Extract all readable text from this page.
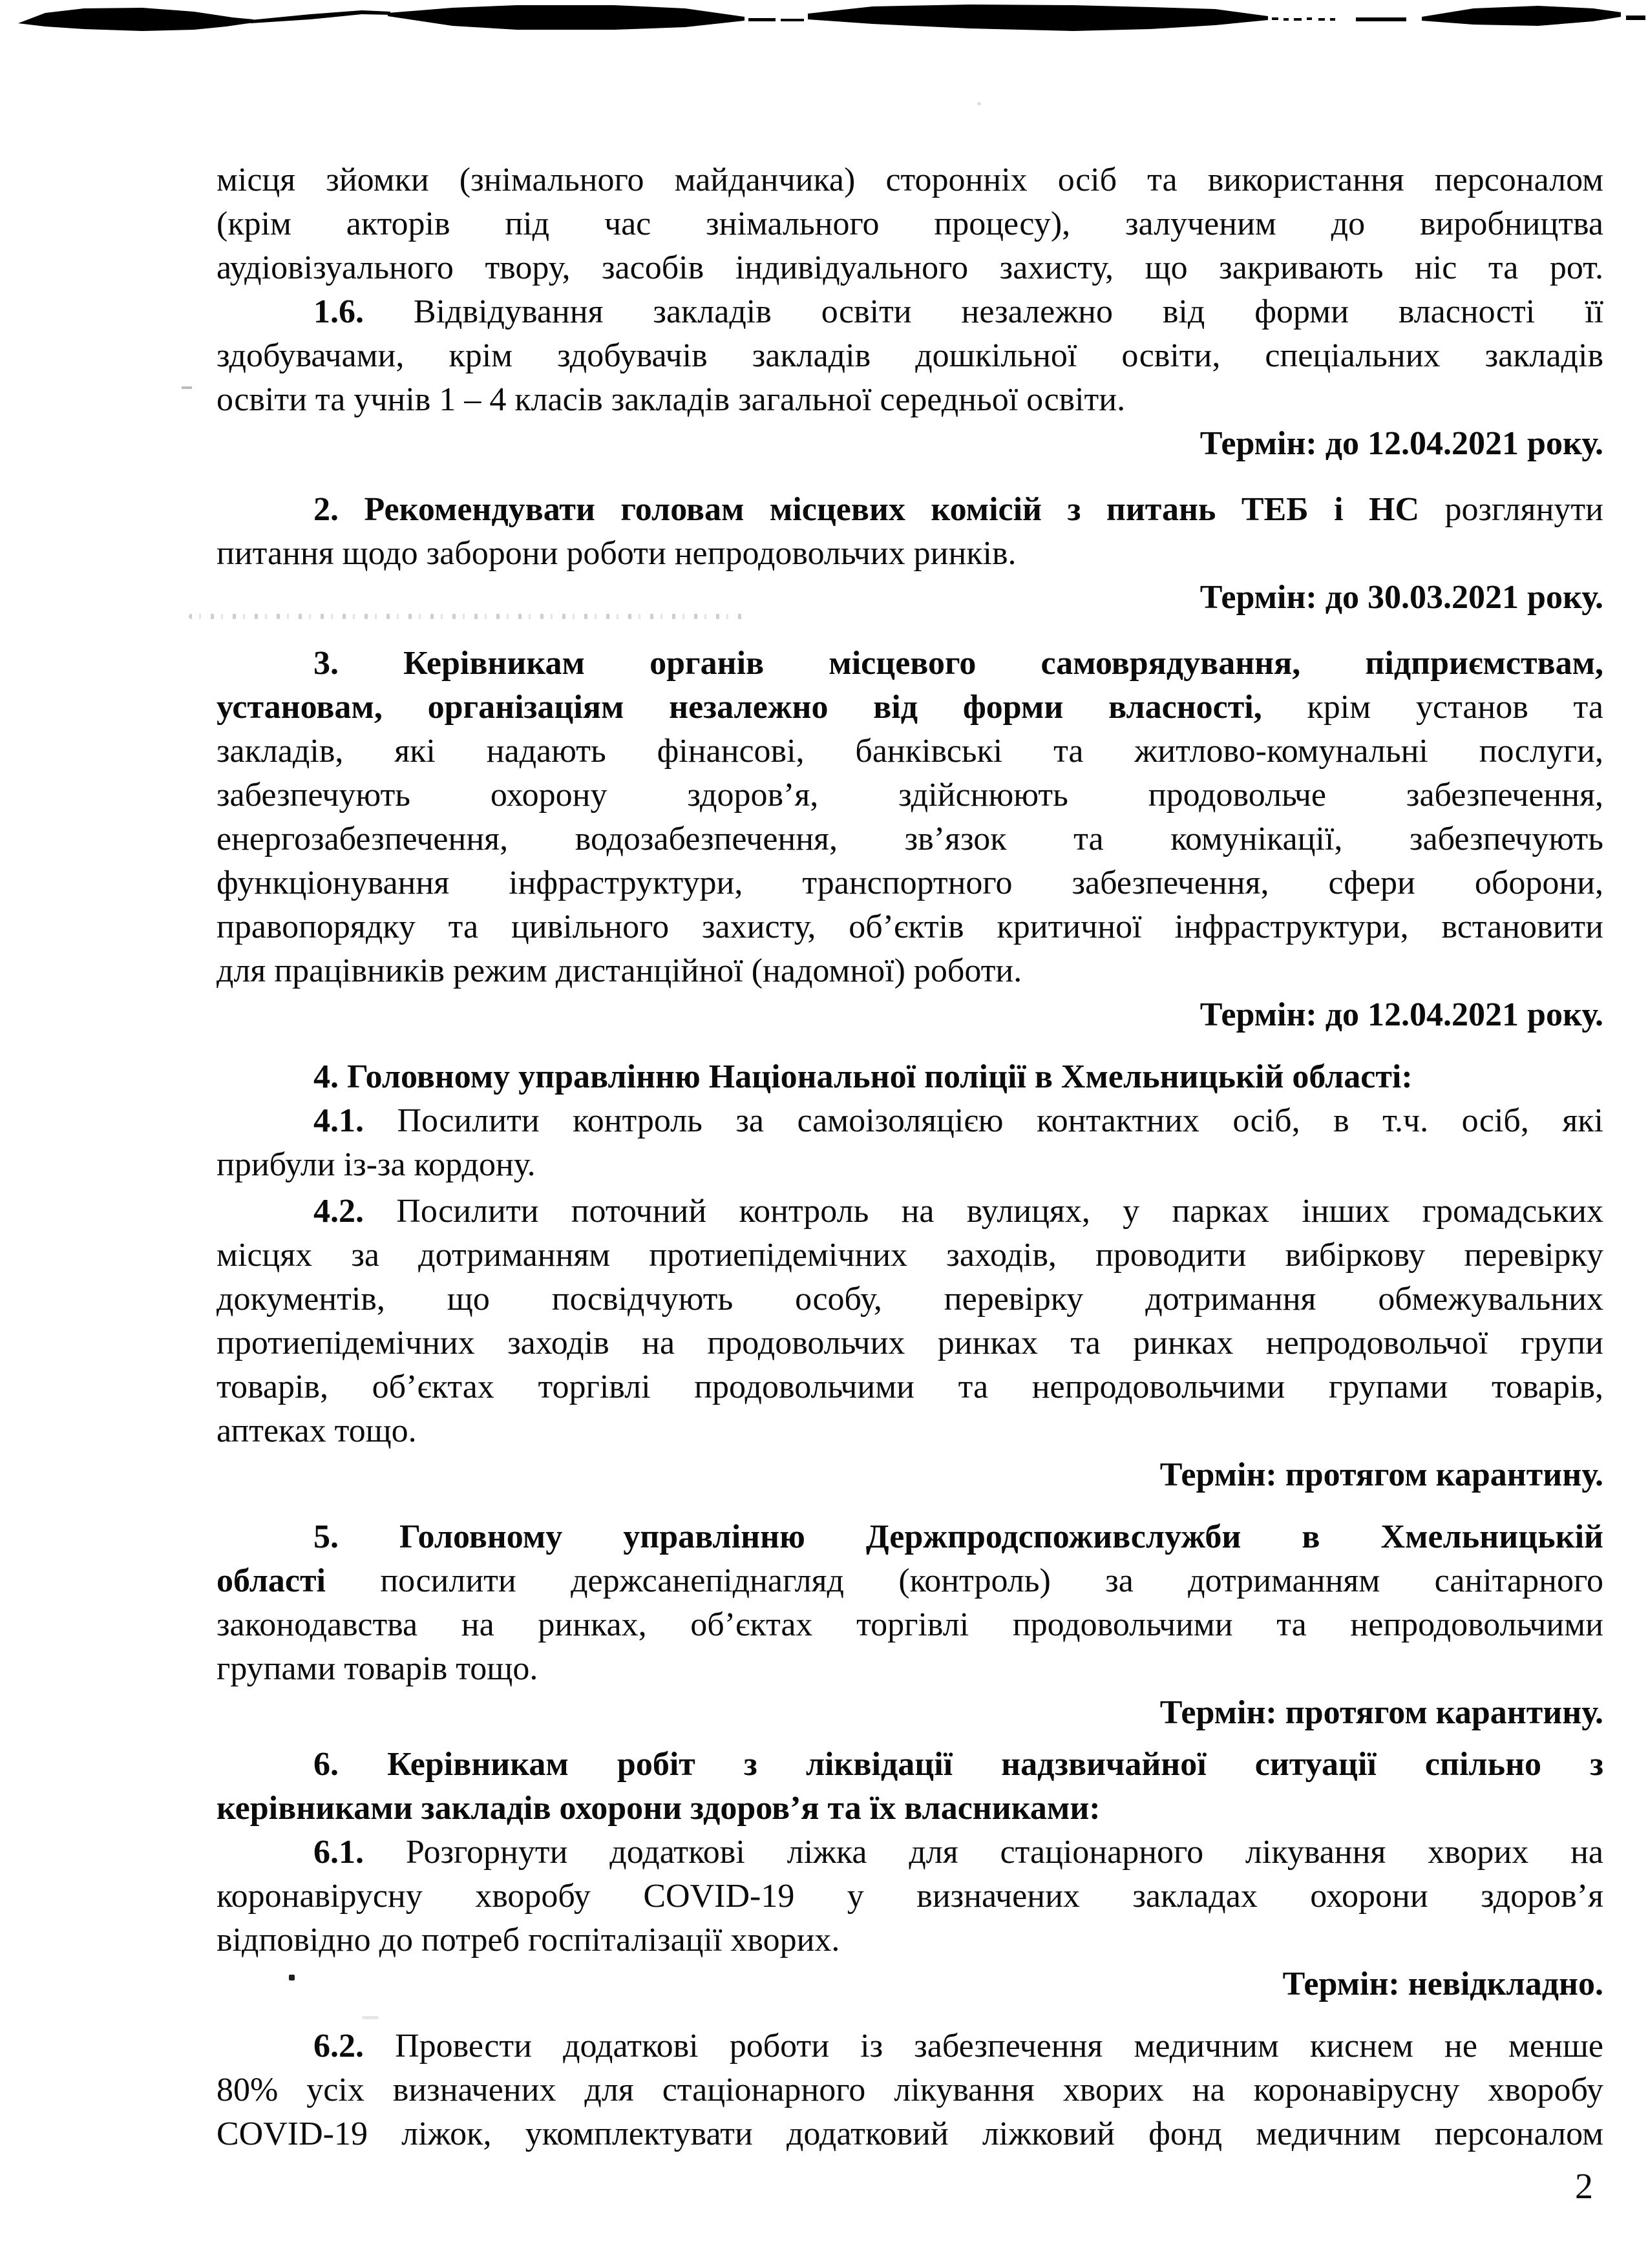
місця зйомки (знімального майданчика) сторонніх осіб та використання персоналом
(крім акторів під час знімального процесу), залученим до виробництва
аудіовізуального твору, засобів індивідуального захисту, що закривають ніс та рот.
1.6. Відвідування закладів освіти незалежно від форми власності її
здобувачами, крім здобувачів закладів дошкільної освіти, спеціальних закладів
освіти та учнів 1 – 4 класів закладів загальної середньої освіти.
Термін: до 12.04.2021 року.
2. Рекомендувати головам місцевих комісій з питань ТЕБ і НС розглянути
питання щодо заборони роботи непродовольчих ринків.
Термін: до 30.03.2021 року.
3. Керівникам органів місцевого самоврядування, підприємствам,
установам, організаціям незалежно від форми власності, крім установ та
закладів, які надають фінансові, банківські та житлово-комунальні послуги,
забезпечують охорону здоров’я, здійснюють продовольче забезпечення,
енергозабезпечення, водозабезпечення, зв’язок та комунікації, забезпечують
функціонування інфраструктури, транспортного забезпечення, сфери оборони,
правопорядку та цивільного захисту, об’єктів критичної інфраструктури, встановити
для працівників режим дистанційної (надомної) роботи.
Термін: до 12.04.2021 року.
4. Головному управлінню Національної поліції в Хмельницькій області:
4.1. Посилити контроль за самоізоляцією контактних осіб, в т.ч. осіб, які
прибули із-за кордону.
4.2. Посилити поточний контроль на вулицях, у парках інших громадських
місцях за дотриманням протиепідемічних заходів, проводити вибіркову перевірку
документів, що посвідчують особу, перевірку дотримання обмежувальних
протиепідемічних заходів на продовольчих ринках та ринках непродовольчої групи
товарів, об’єктах торгівлі продовольчими та непродовольчими групами товарів,
аптеках тощо.
Термін: протягом карантину.
5. Головному управлінню Держпродспоживслужби в Хмельницькій
області посилити держсанепіднагляд (контроль) за дотриманням санітарного
законодавства на ринках, об’єктах торгівлі продовольчими та непродовольчими
групами товарів тощо.
Термін: протягом карантину.
6. Керівникам робіт з ліквідації надзвичайної ситуації спільно з
керівниками закладів охорони здоров’я та їх власниками:
6.1. Розгорнути додаткові ліжка для стаціонарного лікування хворих на
коронавірусну хворобу COVID-19 у визначених закладах охорони здоров’я
відповідно до потреб госпіталізації хворих.
Термін: невідкладно.
6.2. Провести додаткові роботи із забезпечення медичним киснем не менше
80% усіх визначених для стаціонарного лікування хворих на коронавірусну хворобу
COVID-19 ліжок, укомплектувати додатковий ліжковий фонд медичним персоналом
2
